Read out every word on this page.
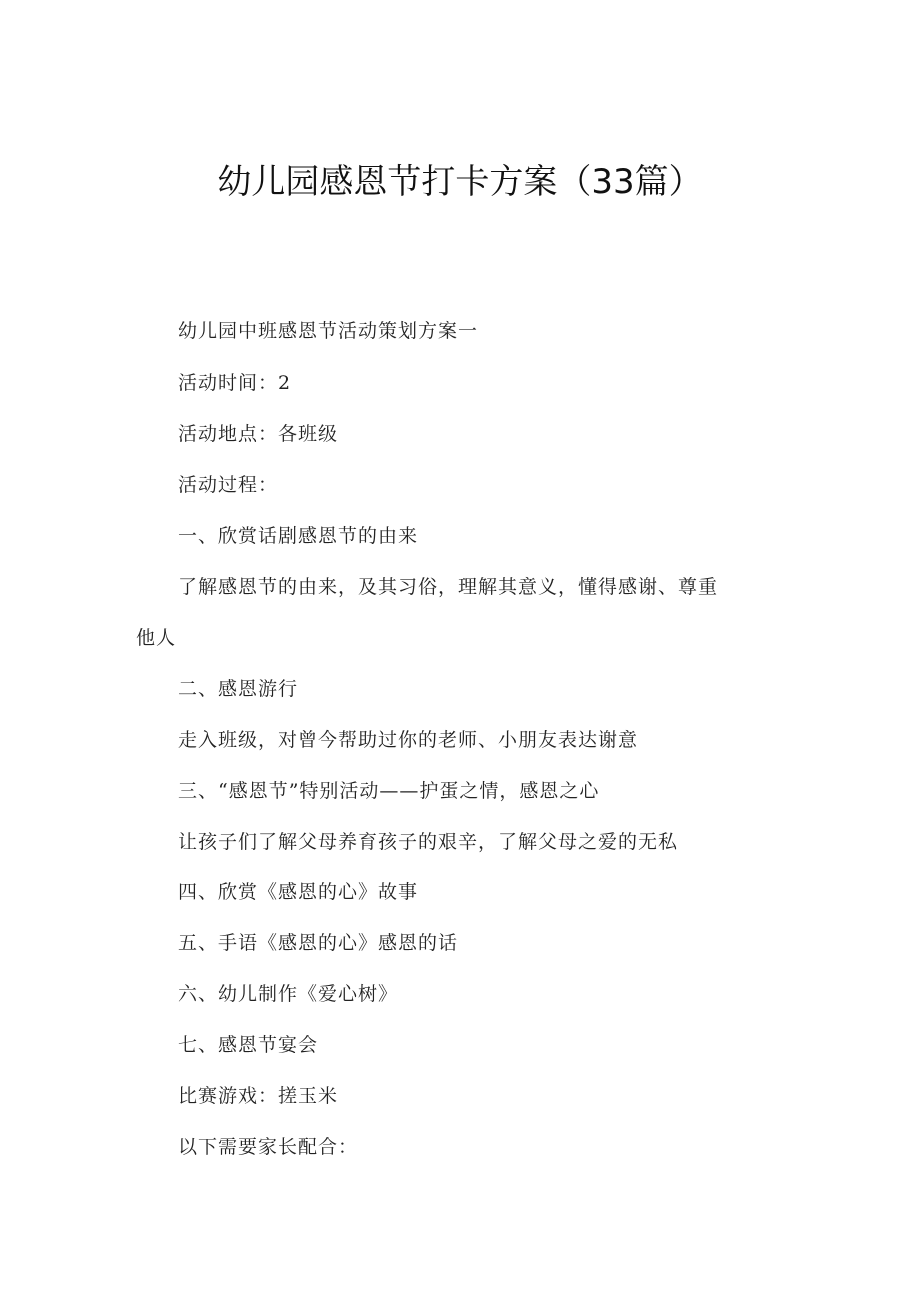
幼儿园感恩节打卡方案（33篇）
幼儿园中班感恩节活动策划方案一
活动时间：2
活动地点：各班级
活动过程：
一、欣赏话剧感恩节的由来
了解感恩节的由来，及其习俗，理解其意义，懂得感谢、尊重
他人
二、感恩游行
走入班级，对曾今帮助过你的老师、小朋友表达谢意
三、“感恩节”特别活动——护蛋之情，感恩之心
让孩子们了解父母养育孩子的艰辛，了解父母之爱的无私
四、欣赏《感恩的心》故事
五、手语《感恩的心》感恩的话
六、幼儿制作《爱心树》
七、感恩节宴会
比赛游戏：搓玉米
以下需要家长配合：
